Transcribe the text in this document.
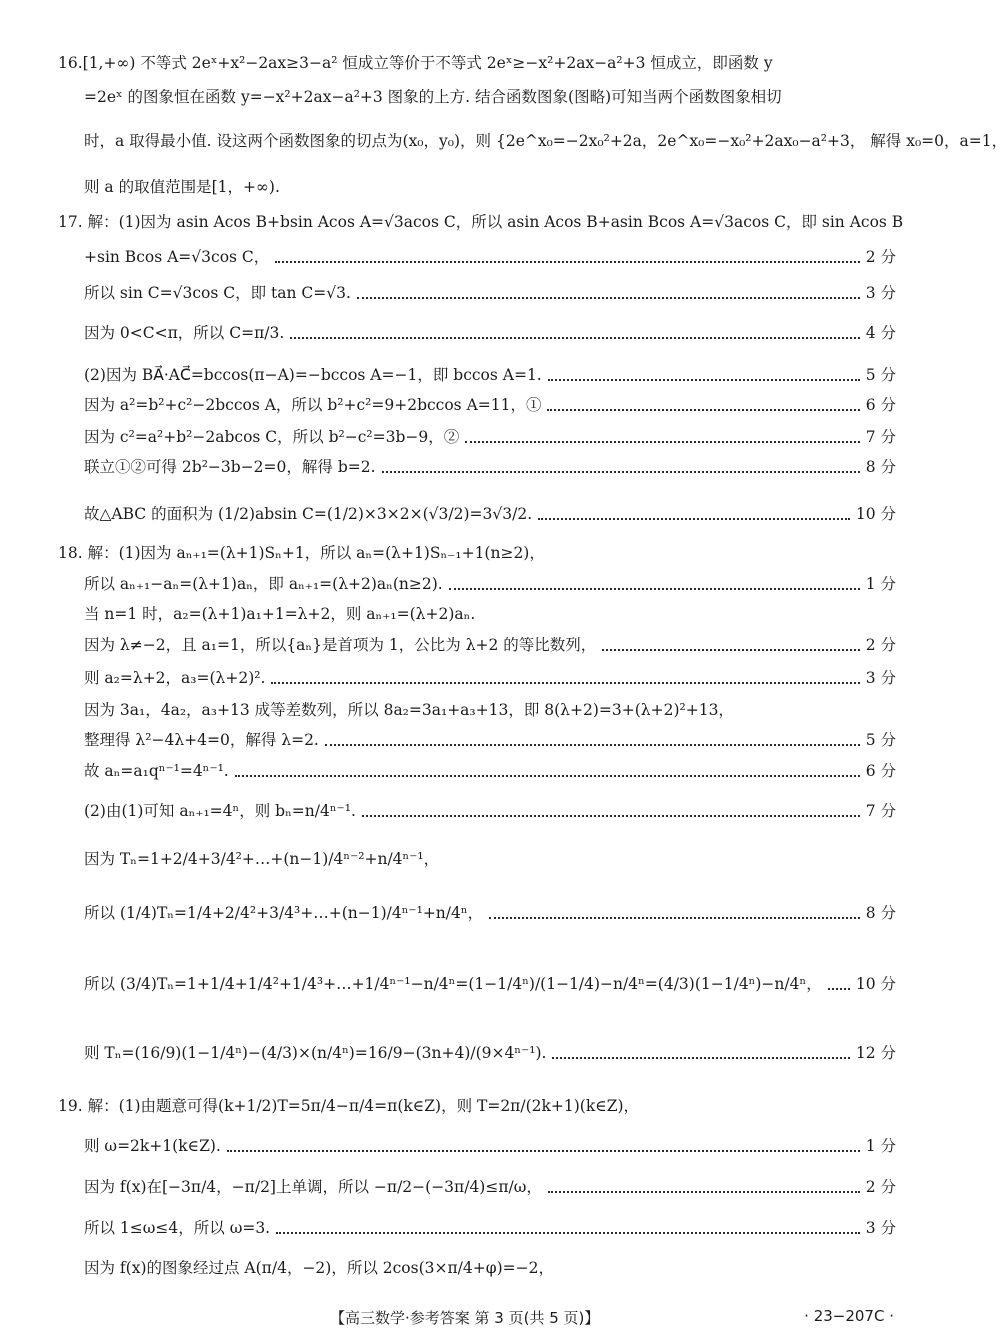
16.[1,+∞) 不等式 2eˣ+x²−2ax≥3−a² 恒成立等价于不等式 2eˣ≥−x²+2ax−a²+3 恒成立，即函数 y
=2eˣ 的图象恒在函数 y=−x²+2ax−a²+3 图象的上方. 结合函数图象(图略)可知当两个函数图象相切
时，a 取得最小值. 设这两个函数图象的切点为(x₀，y₀)，则 {2e^x₀=−2x₀²+2a，2e^x₀=−x₀²+2ax₀−a²+3， 解得 x₀=0，a=1，
则 a 的取值范围是[1，+∞).
17. 解：(1)因为 asin Acos B+bsin Acos A=√3acos C，所以 asin Acos B+asin Bcos A=√3acos C，即 sin Acos B
+sin Bcos A=√3cos C，	2 分
所以 sin C=√3cos C，即 tan C=√3.	3 分
因为 0<C<π，所以 C=π/3.	4 分
(2)因为 BA⃗·AC⃗=bccos(π−A)=−bccos A=−1，即 bccos A=1.	5 分
因为 a²=b²+c²−2bccos A，所以 b²+c²=9+2bccos A=11，①	6 分
因为 c²=a²+b²−2abcos C，所以 b²−c²=3b−9，②	7 分
联立①②可得 2b²−3b−2=0，解得 b=2.	8 分
故△ABC 的面积为 (1/2)absin C=(1/2)×3×2×(√3/2)=3√3/2.	10 分
18. 解：(1)因为 aₙ₊₁=(λ+1)Sₙ+1，所以 aₙ=(λ+1)Sₙ₋₁+1(n≥2)，
所以 aₙ₊₁−aₙ=(λ+1)aₙ，即 aₙ₊₁=(λ+2)aₙ(n≥2).	1 分
当 n=1 时，a₂=(λ+1)a₁+1=λ+2，则 aₙ₊₁=(λ+2)aₙ.
因为 λ≠−2，且 a₁=1，所以{aₙ}是首项为 1，公比为 λ+2 的等比数列，	2 分
则 a₂=λ+2，a₃=(λ+2)².	3 分
因为 3a₁，4a₂，a₃+13 成等差数列，所以 8a₂=3a₁+a₃+13，即 8(λ+2)=3+(λ+2)²+13，
整理得 λ²−4λ+4=0，解得 λ=2.	5 分
故 aₙ=a₁qⁿ⁻¹=4ⁿ⁻¹.	6 分
(2)由(1)可知 aₙ₊₁=4ⁿ，则 bₙ=n/4ⁿ⁻¹.	7 分
因为 Tₙ=1+2/4+3/4²+…+(n−1)/4ⁿ⁻²+n/4ⁿ⁻¹，
所以 (1/4)Tₙ=1/4+2/4²+3/4³+…+(n−1)/4ⁿ⁻¹+n/4ⁿ，	8 分
所以 (3/4)Tₙ=1+1/4+1/4²+1/4³+…+1/4ⁿ⁻¹−n/4ⁿ=(1−1/4ⁿ)/(1−1/4)−n/4ⁿ=(4/3)(1−1/4ⁿ)−n/4ⁿ， 10 分
则 Tₙ=(16/9)(1−1/4ⁿ)−(4/3)×(n/4ⁿ)=16/9−(3n+4)/(9×4ⁿ⁻¹).	12 分
19. 解：(1)由题意可得(k+1/2)T=5π/4−π/4=π(k∈Z)，则 T=2π/(2k+1)(k∈Z)，
则 ω=2k+1(k∈Z).	1 分
因为 f(x)在[−3π/4，−π/2]上单调，所以 −π/2−(−3π/4)≤π/ω，	2 分
所以 1≤ω≤4，所以 ω=3.	3 分
因为 f(x)的图象经过点 A(π/4，−2)，所以 2cos(3×π/4+φ)=−2，
【高三数学·参考答案 第 3 页(共 5 页)】	· 23−207C ·
